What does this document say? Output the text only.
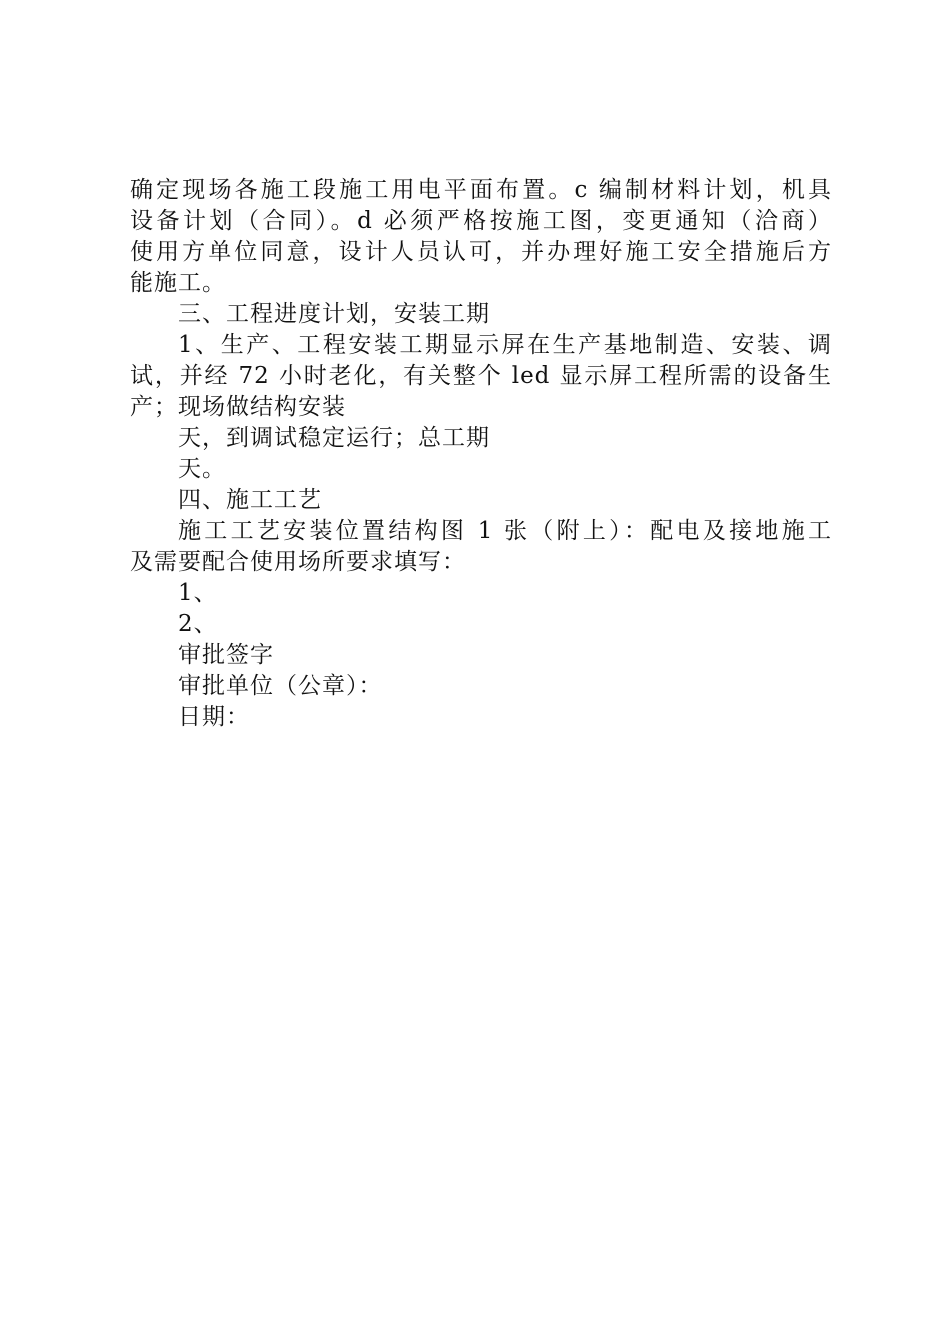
确定现场各施工段施工用电平面布置。c 编制材料计划，机具
设备计划（合同）。d 必须严格按施工图，变更通知（洽商）
使用方单位同意，设计人员认可，并办理好施工安全措施后方
能施工。
三、工程进度计划，安装工期
1、生产、工程安装工期显示屏在生产基地制造、安装、调
试，并经 72 小时老化，有关整个 led 显示屏工程所需的设备生
产；现场做结构安装
天，到调试稳定运行；总工期
天。
四、施工工艺
施工工艺安装位置结构图 1 张（附上）：配电及接地施工
及需要配合使用场所要求填写：
1、
2、
审批签字
审批单位（公章）：
日期：
